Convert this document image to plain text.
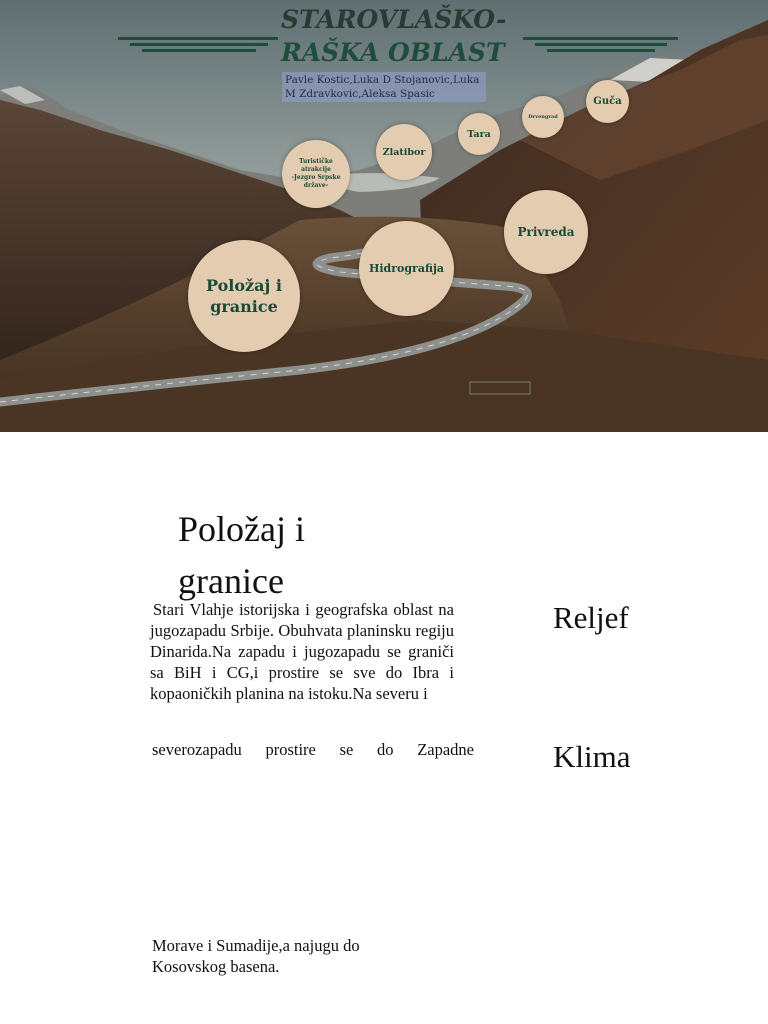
STAROVLAŠKO-
RAŠKA OBLAST
Pavle Kostic,Luka D Stojanovic,Luka M Zdravkovic,Aleksa Spasic
Položaj i granice
Hidrografija
Privreda
Turističke
atrakcije
-Jezgro Srpske
države-
Zlatibor
Tara
Drvengrad
Guča
Položaj i
granice
Stari Vlahje istorijska i geografska oblast na jugozapadu Srbije. Obuhvata planinsku regiju Dinarida.Na zapadu i jugozapadu se graniči sa BiH i CG,i prostire se sve do Ibra i kopaoničkih planina na istoku.Na severu i
severozapadu prostire se do Zapadne
Morave i Sumadije,a najugu do
Kosovskog basena.
Reljef
Klima
